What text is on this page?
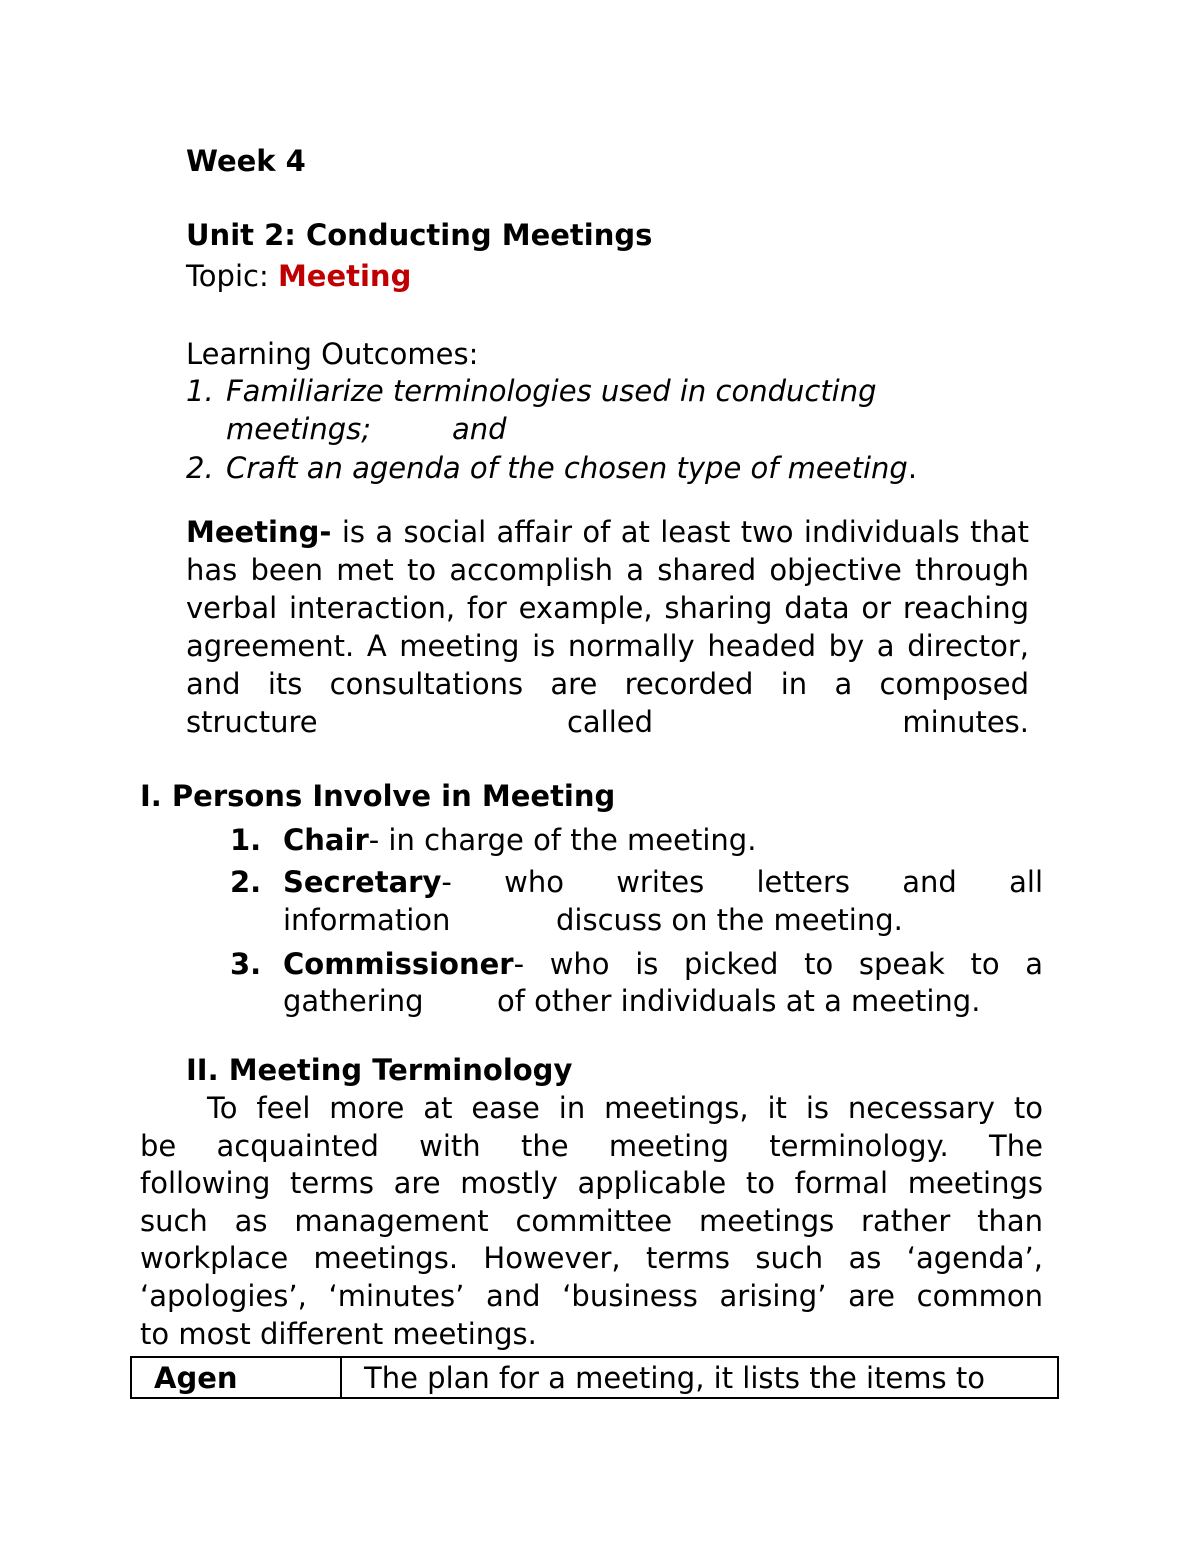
Week 4
Unit 2: Conducting Meetings
Topic: Meeting
Learning Outcomes:
1. Familiarize terminologies used in conducting
meetings;	and
2. Craft an agenda of the chosen type of meeting.
Meeting- is a social affair of at least two individuals that has been met to accomplish a shared objective through verbal interaction, for example, sharing data or reaching agreement. A meeting is normally headed by a director, and its consultations are recorded in a composed structure called minutes.
I. Persons Involve in Meeting
1. Chair- in charge of the meeting.
2. Secretary - who writes letters and all
information	discuss on the meeting.
3. Commissioner - who is picked to speak to a
gathering	of other individuals at a meeting.
II. Meeting Terminology
To feel more at ease in meetings, it is necessary to
be acquainted with the meeting terminology. The
following terms are mostly applicable to formal meetings
such as management committee meetings rather than
workplace meetings. However, terms such as ‘agenda’,
‘apologies’, ‘minutes’ and ‘business arising’ are common
to most different meetings.
Agen	The plan for a meeting, it lists the items to
